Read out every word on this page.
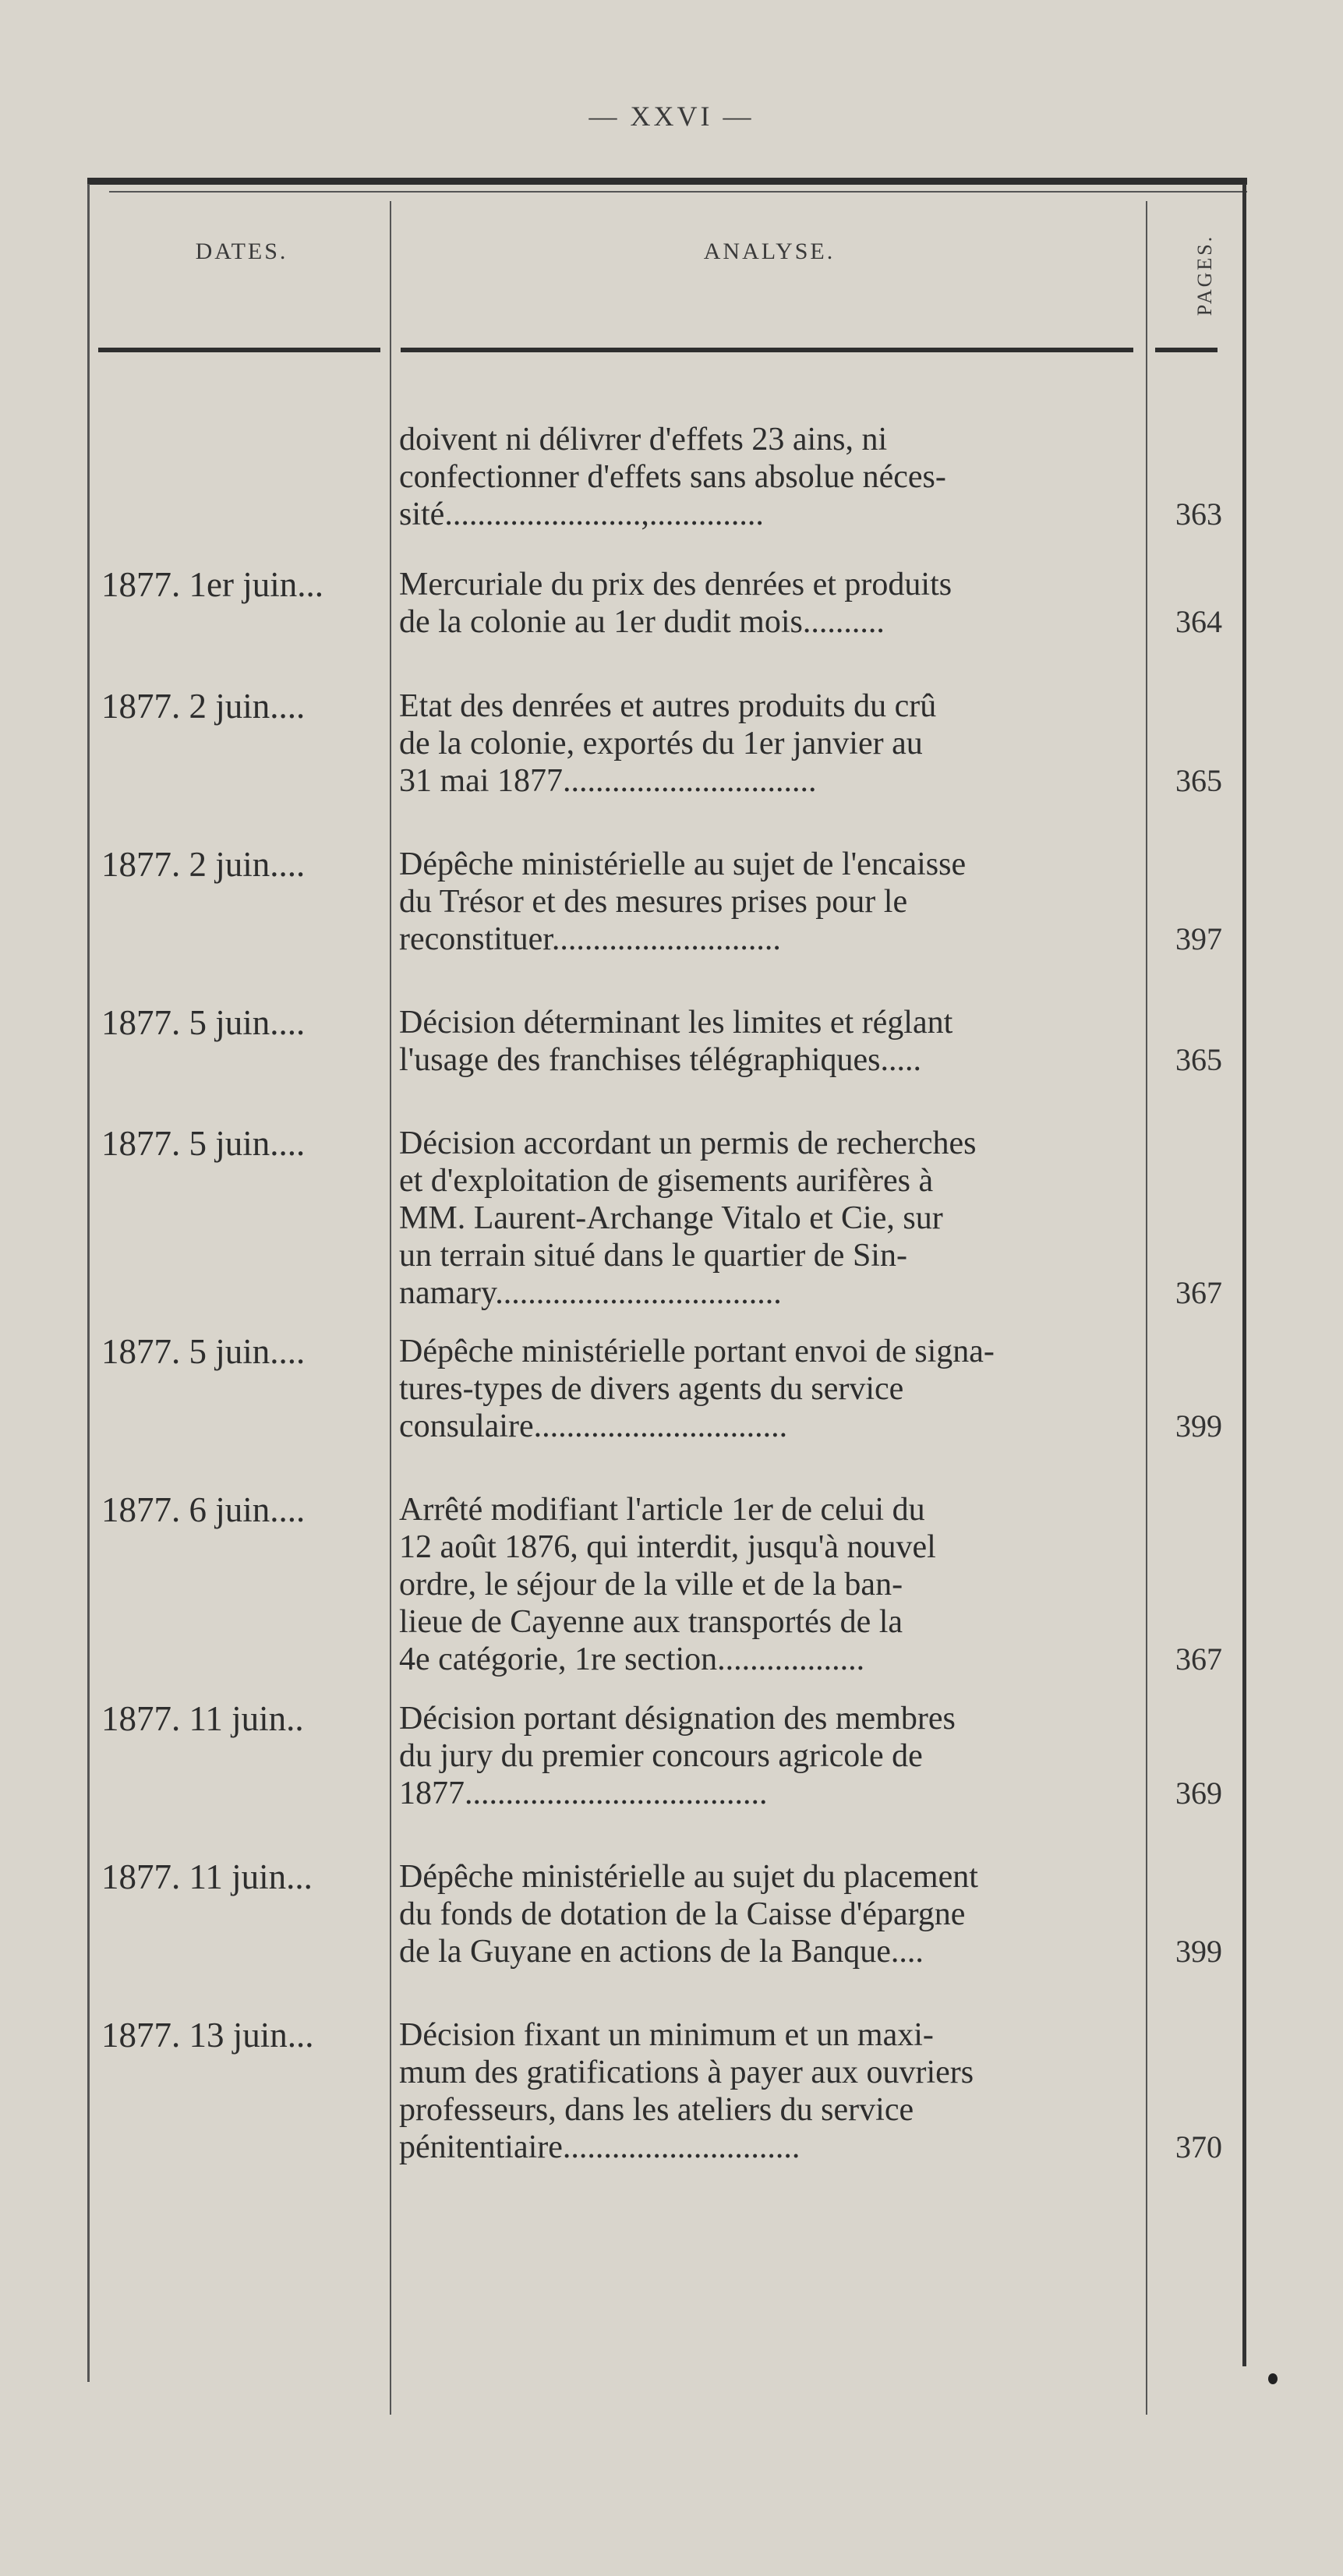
— XXVI —
DATES.	ANALYSE.	PAGES.
doivent ni délivrer d'effets 23 ains, ni
confectionner d'effets sans absolue néces-
sité........................,..............	363
1877. 1er juin...	Mercuriale du prix des denrées et produits
de la colonie au 1er dudit mois..........	364
1877. 2 juin....	Etat des denrées et autres produits du crû
de la colonie, exportés du 1er janvier au
31 mai 1877...............................	365
1877. 2 juin....	Dépêche ministérielle au sujet de l'encaisse
du Trésor et des mesures prises pour le
reconstituer............................	397
1877. 5 juin....	Décision déterminant les limites et réglant
l'usage des franchises télégraphiques.....	365
1877. 5 juin....	Décision accordant un permis de recherches
et d'exploitation de gisements aurifères à
MM. Laurent-Archange Vitalo et Cie, sur
un terrain situé dans le quartier de Sin-
namary...................................	367
1877. 5 juin....	Dépêche ministérielle portant envoi de signa-
tures-types de divers agents du service
consulaire...............................	399
1877. 6 juin....	Arrêté modifiant l'article 1er de celui du
12 août 1876, qui interdit, jusqu'à nouvel
ordre, le séjour de la ville et de la ban-
lieue de Cayenne aux transportés de la
4e catégorie, 1re section..................	367
1877. 11 juin..	Décision portant désignation des membres
du jury du premier concours agricole de
1877.....................................	369
1877. 11 juin...	Dépêche ministérielle au sujet du placement
du fonds de dotation de la Caisse d'épargne
de la Guyane en actions de la Banque....	399
1877. 13 juin...	Décision fixant un minimum et un maxi-
mum des gratifications à payer aux ouvriers
professeurs, dans les ateliers du service
pénitentiaire.............................	370
